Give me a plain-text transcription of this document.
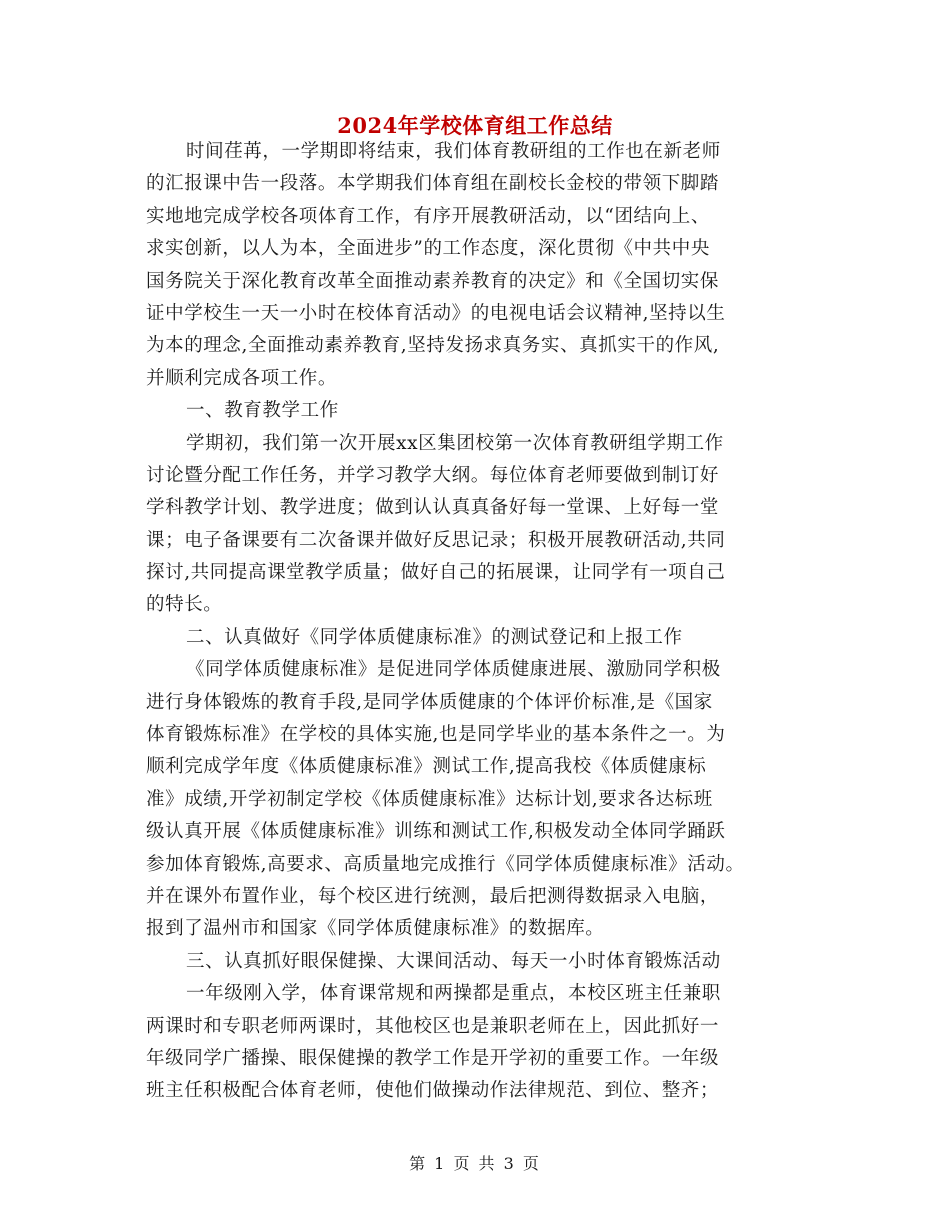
2024年学校体育组工作总结
时间荏苒，一学期即将结束，我们体育教研组的工作也在新老师
的汇报课中告一段落。本学期我们体育组在副校长金校的带领下脚踏
实地地完成学校各项体育工作，有序开展教研活动，以“团结向上、
求实创新，以人为本，全面进步”的工作态度，深化贯彻《中共中央
国务院关于深化教育改革全面推动素养教育的决定》和《全国切实保
证中学校生一天一小时在校体育活动》的电视电话会议精神,坚持以生
为本的理念,全面推动素养教育,坚持发扬求真务实、真抓实干的作风,
并顺利完成各项工作。
一、教育教学工作
学期初，我们第一次开展xx区集团校第一次体育教研组学期工作
讨论暨分配工作任务，并学习教学大纲。每位体育老师要做到制订好
学科教学计划、教学进度；做到认认真真备好每一堂课、上好每一堂
课；电子备课要有二次备课并做好反思记录；积极开展教研活动,共同
探讨,共同提高课堂教学质量；做好自己的拓展课，让同学有一项自己
的特长。
二、认真做好《同学体质健康标准》的测试登记和上报工作
《同学体质健康标准》是促进同学体质健康进展、激励同学积极
进行身体锻炼的教育手段,是同学体质健康的个体评价标准,是《国家
体育锻炼标准》在学校的具体实施,也是同学毕业的基本条件之一。为
顺利完成学年度《体质健康标准》测试工作,提高我校《体质健康标
准》成绩,开学初制定学校《体质健康标准》达标计划,要求各达标班
级认真开展《体质健康标准》训练和测试工作,积极发动全体同学踊跃
参加体育锻炼,高要求、高质量地完成推行《同学体质健康标准》活动。
并在课外布置作业，每个校区进行统测，最后把测得数据录入电脑，
报到了温州市和国家《同学体质健康标准》的数据库。
三、认真抓好眼保健操、大课间活动、每天一小时体育锻炼活动
一年级刚入学，体育课常规和两操都是重点，本校区班主任兼职
两课时和专职老师两课时，其他校区也是兼职老师在上，因此抓好一
年级同学广播操、眼保健操的教学工作是开学初的重要工作。一年级
班主任积极配合体育老师，使他们做操动作法律规范、到位、整齐；
第 1 页 共 3 页
